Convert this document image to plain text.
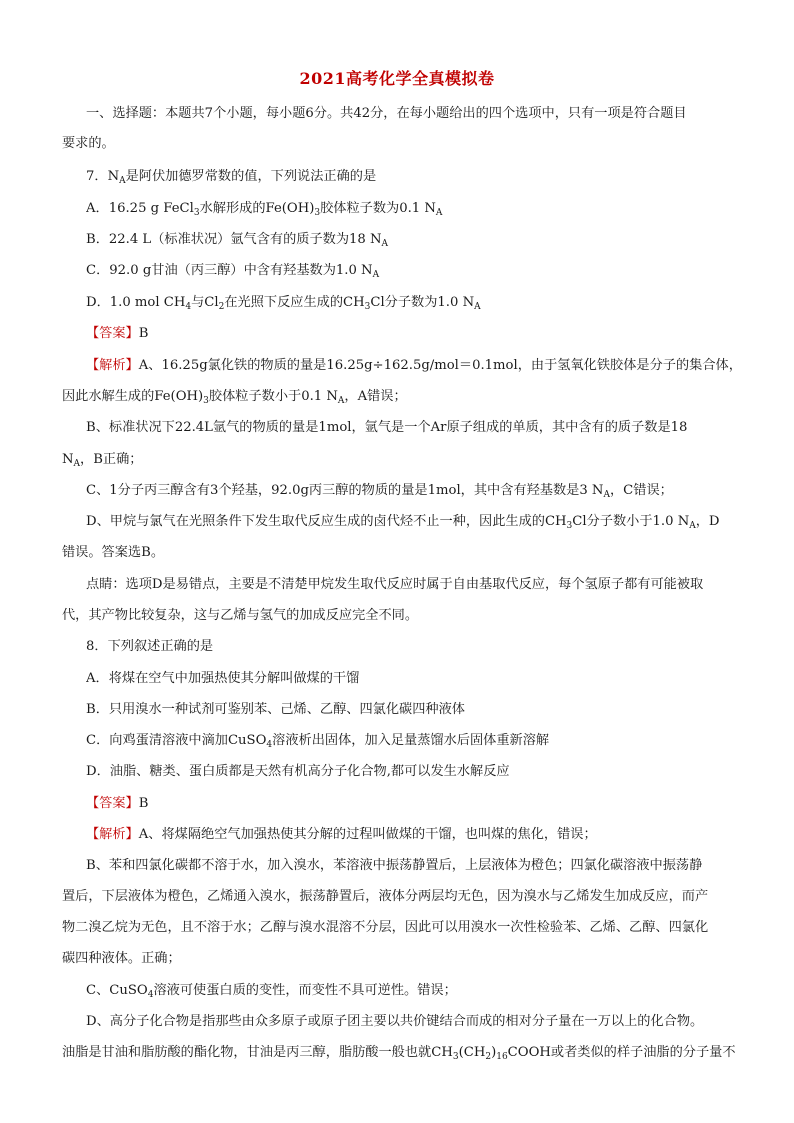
2021高考化学全真模拟卷
一、选择题：本题共7个小题，每小题6分。共42分，在每小题给出的四个选项中，只有一项是符合题目
要求的。
7．$N_A$是阿伏加德罗常数的值，下列说法正确的是
A．16.25 g FeCl$_3$水解形成的$Fe(OH)_3$胶体粒子数为0.1 $N_A$
B．22.4 L（标准状况）氩气含有的质子数为18 $N_A$
C．92.0 g甘油（丙三醇）中含有羟基数为1.0 $N_A$
D．1.0 mol $CH_4$与$Cl_2$在光照下反应生成的$CH_3Cl$分子数为1.0 $N_A$
【答案】B
【解析】A、16.25g氯化铁的物质的量是16.25g÷162.5g/mol＝0.1mol，由于氢氧化铁胶体是分子的集合体，
因此水解生成的$Fe(OH)_3$胶体粒子数小于0.1 $N_A$，A错误；
B、标准状况下22.4L氩气的物质的量是1mol，氩气是一个Ar原子组成的单质，其中含有的质子数是18
$N_A$，B正确；
C、1分子丙三醇含有3个羟基，92.0g丙三醇的物质的量是1mol，其中含有羟基数是3 $N_A$，C错误；
D、甲烷与氯气在光照条件下发生取代反应生成的卤代烃不止一种，因此生成的$CH_3Cl$分子数小于1.0 $N_A$，D
错误。答案选B。
点睛：选项D是易错点，主要是不清楚甲烷发生取代反应时属于自由基取代反应，每个氢原子都有可能被取
代，其产物比较复杂，这与乙烯与氢气的加成反应完全不同。
8．下列叙述正确的是
A．将煤在空气中加强热使其分解叫做煤的干馏
B．只用溴水一种试剂可鉴别苯、己烯、乙醇、四氯化碳四种液体
C．向鸡蛋清溶液中滴加CuSO$_4$溶液析出固体，加入足量蒸馏水后固体重新溶解
D．油脂、糖类、蛋白质都是天然有机高分子化合物,都可以发生水解反应
【答案】B
【解析】A、将煤隔绝空气加强热使其分解的过程叫做煤的干馏，也叫煤的焦化，错误；
B、苯和四氯化碳都不溶于水，加入溴水，苯溶液中振荡静置后，上层液体为橙色；四氯化碳溶液中振荡静
置后，下层液体为橙色，乙烯通入溴水，振荡静置后，液体分两层均无色，因为溴水与乙烯发生加成反应，而产
物二溴乙烷为无色，且不溶于水；乙醇与溴水混溶不分层，因此可以用溴水一次性检验苯、乙烯、乙醇、四氯化
碳四种液体。正确；
C、CuSO$_4$溶液可使蛋白质的变性，而变性不具可逆性。错误；
D、高分子化合物是指那些由众多原子或原子团主要以共价键结合而成的相对分子量在一万以上的化合物。
油脂是甘油和脂肪酸的酯化物，甘油是丙三醇，脂肪酸一般也就$CH_3(CH_2)_{16}COOH$或者类似的样子油脂的分子量不
